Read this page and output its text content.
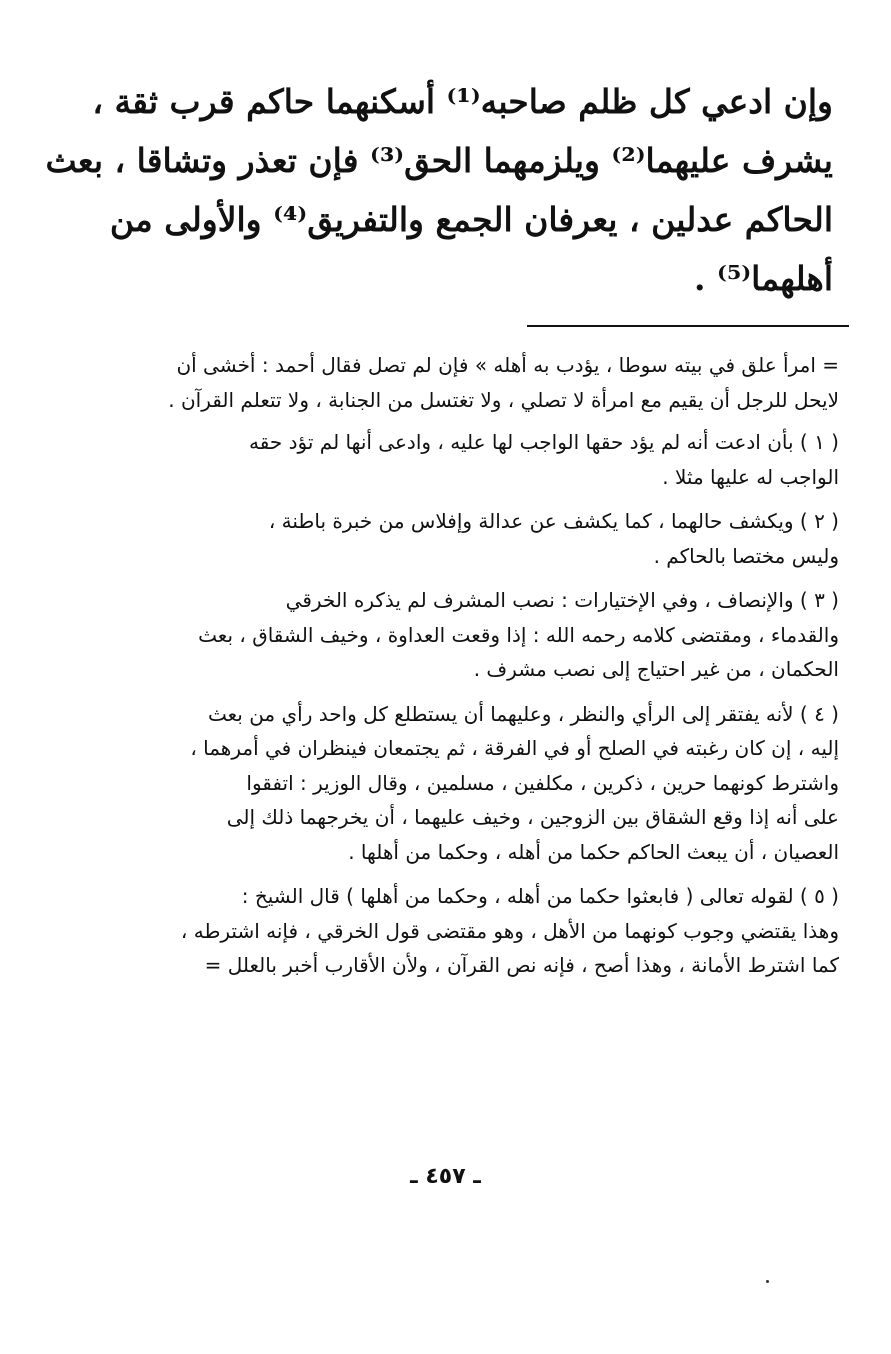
وإن ادعي كل ظلم صاحبه⁽¹⁾ أسكنهما حاكم قرب ثقة ،
يشرف عليهما⁽²⁾ ويلزمهما الحق⁽³⁾ فإن تعذر وتشاقا ، بعث
الحاكم عدلين ، يعرفان الجمع والتفريق⁽⁴⁾ والأولى من
أهلهما⁽⁵⁾ .
= امرأ علق في بيته سوطا ، يؤدب به أهله » فإن لم تصل فقال أحمد : أخشى أن
لايحل للرجل أن يقيم مع امرأة لا تصلي ، ولا تغتسل من الجنابة ، ولا تتعلم القرآن .
( ١ ) بأن ادعت أنه لم يؤد حقها الواجب لها عليه ، وادعى أنها لم تؤد حقه
الواجب له عليها مثلا .
( ٢ ) ويكشف حالهما ، كما يكشف عن عدالة وإفلاس من خبرة باطنة ،
وليس مختصا بالحاكم .
( ٣ ) والإنصاف ، وفي الإختيارات : نصب المشرف لم يذكره الخرقي
والقدماء ، ومقتضى كلامه رحمه الله : إذا وقعت العداوة ، وخيف الشقاق ، بعث
الحكمان ، من غير احتياج إلى نصب مشرف .
( ٤ ) لأنه يفتقر إلى الرأي والنظر ، وعليهما أن يستطلع كل واحد رأي من بعث
إليه ، إن كان رغبته في الصلح أو في الفرقة ، ثم يجتمعان فينظران في أمرهما ،
واشترط كونهما حرين ، ذكرين ، مكلفين ، مسلمين ، وقال الوزير : اتفقوا
على أنه إذا وقع الشقاق بين الزوجين ، وخيف عليهما ، أن يخرجهما ذلك إلى
العصيان ، أن يبعث الحاكم حكما من أهله ، وحكما من أهلها .
( ٥ ) لقوله تعالى ( فابعثوا حكما من أهله ، وحكما من أهلها ) قال الشيخ :
وهذا يقتضي وجوب كونهما من الأهل ، وهو مقتضى قول الخرقي ، فإنه اشترطه ،
كما اشترط الأمانة ، وهذا أصح ، فإنه نص القرآن ، ولأن الأقارب أخبر بالعلل =
ـ ٤٥٧ ـ
